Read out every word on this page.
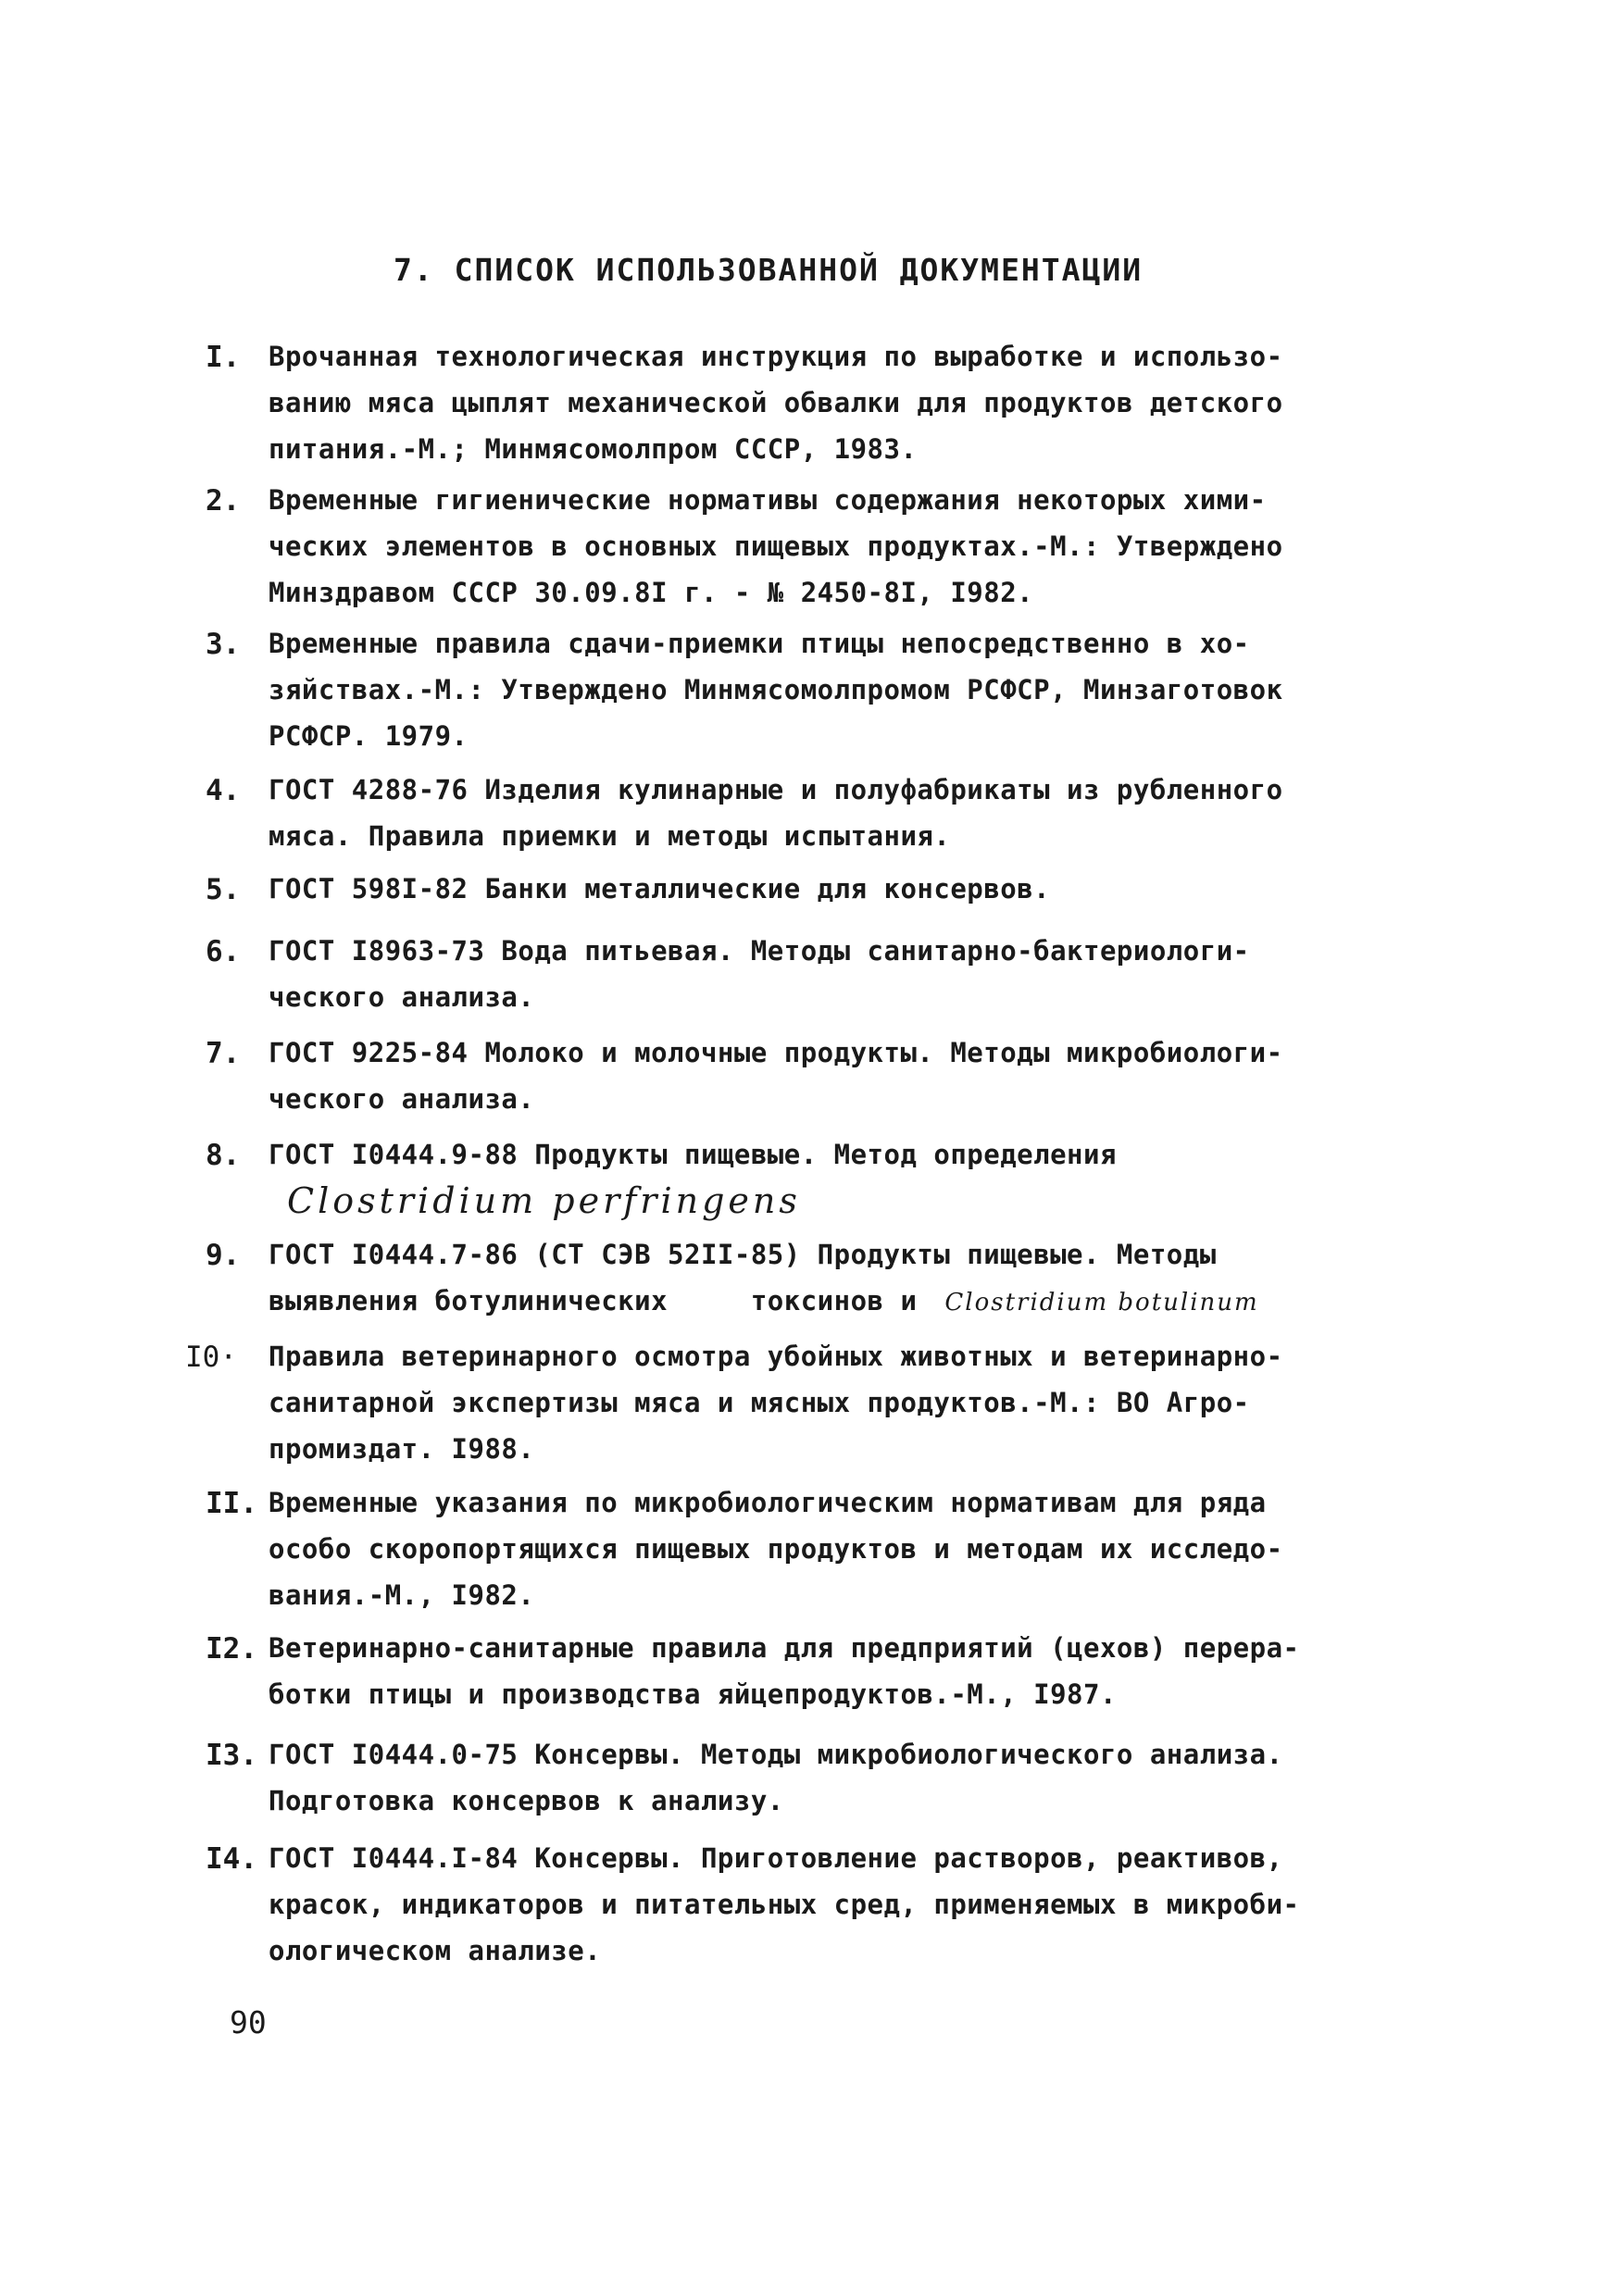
7. СПИСОК ИСПОЛЬЗОВАННОЙ ДОКУМЕНТАЦИИ
I. Врочанная технологическая инструкция по выработке и использо-
ванию мяса цыплят механической обвалки для продуктов детского
питания.-М.; Минмясомолпром СССР, 1983.
2. Временные гигиенические нормативы содержания некоторых хими-
ческих элементов в основных пищевых продуктах.-М.: Утверждено
Минздравом СССР 30.09.8I г. - № 2450-8I, I982.
3. Временные правила сдачи-приемки птицы непосредственно в хо-
зяйствах.-М.: Утверждено Минмясомолпромом РСФСР, Минзаготовок
РСФСР. 1979.
4. ГОСТ 4288-76 Изделия кулинарные и полуфабрикаты из рубленного
мяса. Правила приемки и методы испытания.
5. ГОСТ 598I-82 Банки металлические для консервов.
6. ГОСТ I8963-73 Вода питьевая. Методы санитарно-бактериологи-
ческого анализа.
7. ГОСТ 9225-84 Молоко и молочные продукты. Методы микробиологи-
ческого анализа.
8. ГОСТ I0444.9-88 Продукты пищевые. Метод определения
Clostridium perfringens
9. ГОСТ I0444.7-86 (СТ СЭВ 52II-85) Продукты пищевые. Методы
выявления ботулинических     токсинов и Clostridium botulinum
I0· Правила ветеринарного осмотра убойных животных и ветеринарно-
санитарной экспертизы мяса и мясных продуктов.-М.: ВО Агро-
промиздат. I988.
II. Временные указания по микробиологическим нормативам для ряда
особо скоропортящихся пищевых продуктов и методам их исследо-
вания.-М., I982.
I2. Ветеринарно-санитарные правила для предприятий (цехов) перера-
ботки птицы и производства яйцепродуктов.-М., I987.
I3. ГОСТ I0444.0-75 Консервы. Методы микробиологического анализа.
Подготовка консервов к анализу.
I4. ГОСТ I0444.I-84 Консервы. Приготовление растворов, реактивов,
красок, индикаторов и питательных сред, применяемых в микроби-
ологическом анализе.
90
